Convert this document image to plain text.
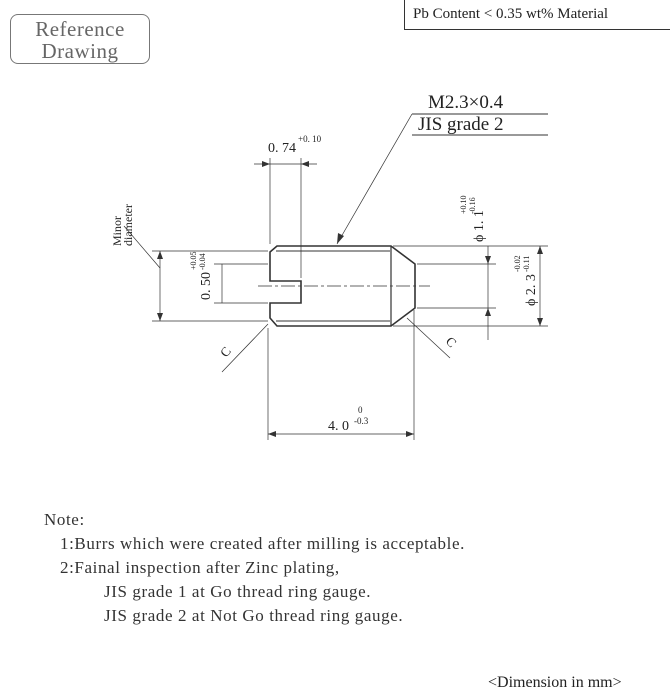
Reference
Drawing
Pb Content < 0.35 wt% Material
M2.3×0.4
JIS grade 2
0. 74
+0. 10
Minor
diameter
0. 50
+0.05 -0.04
ϕ 1. 1
+0.10 -0.16
ϕ 2. 3
-0.02 -0.11
C
C
4. 0
0
-0.3
Note:
1:Burrs which were created after milling is acceptable.
2:Fainal inspection after Zinc plating,
JIS grade 1 at Go thread ring gauge.
JIS grade 2 at Not Go thread ring gauge.
<Dimension in mm>
